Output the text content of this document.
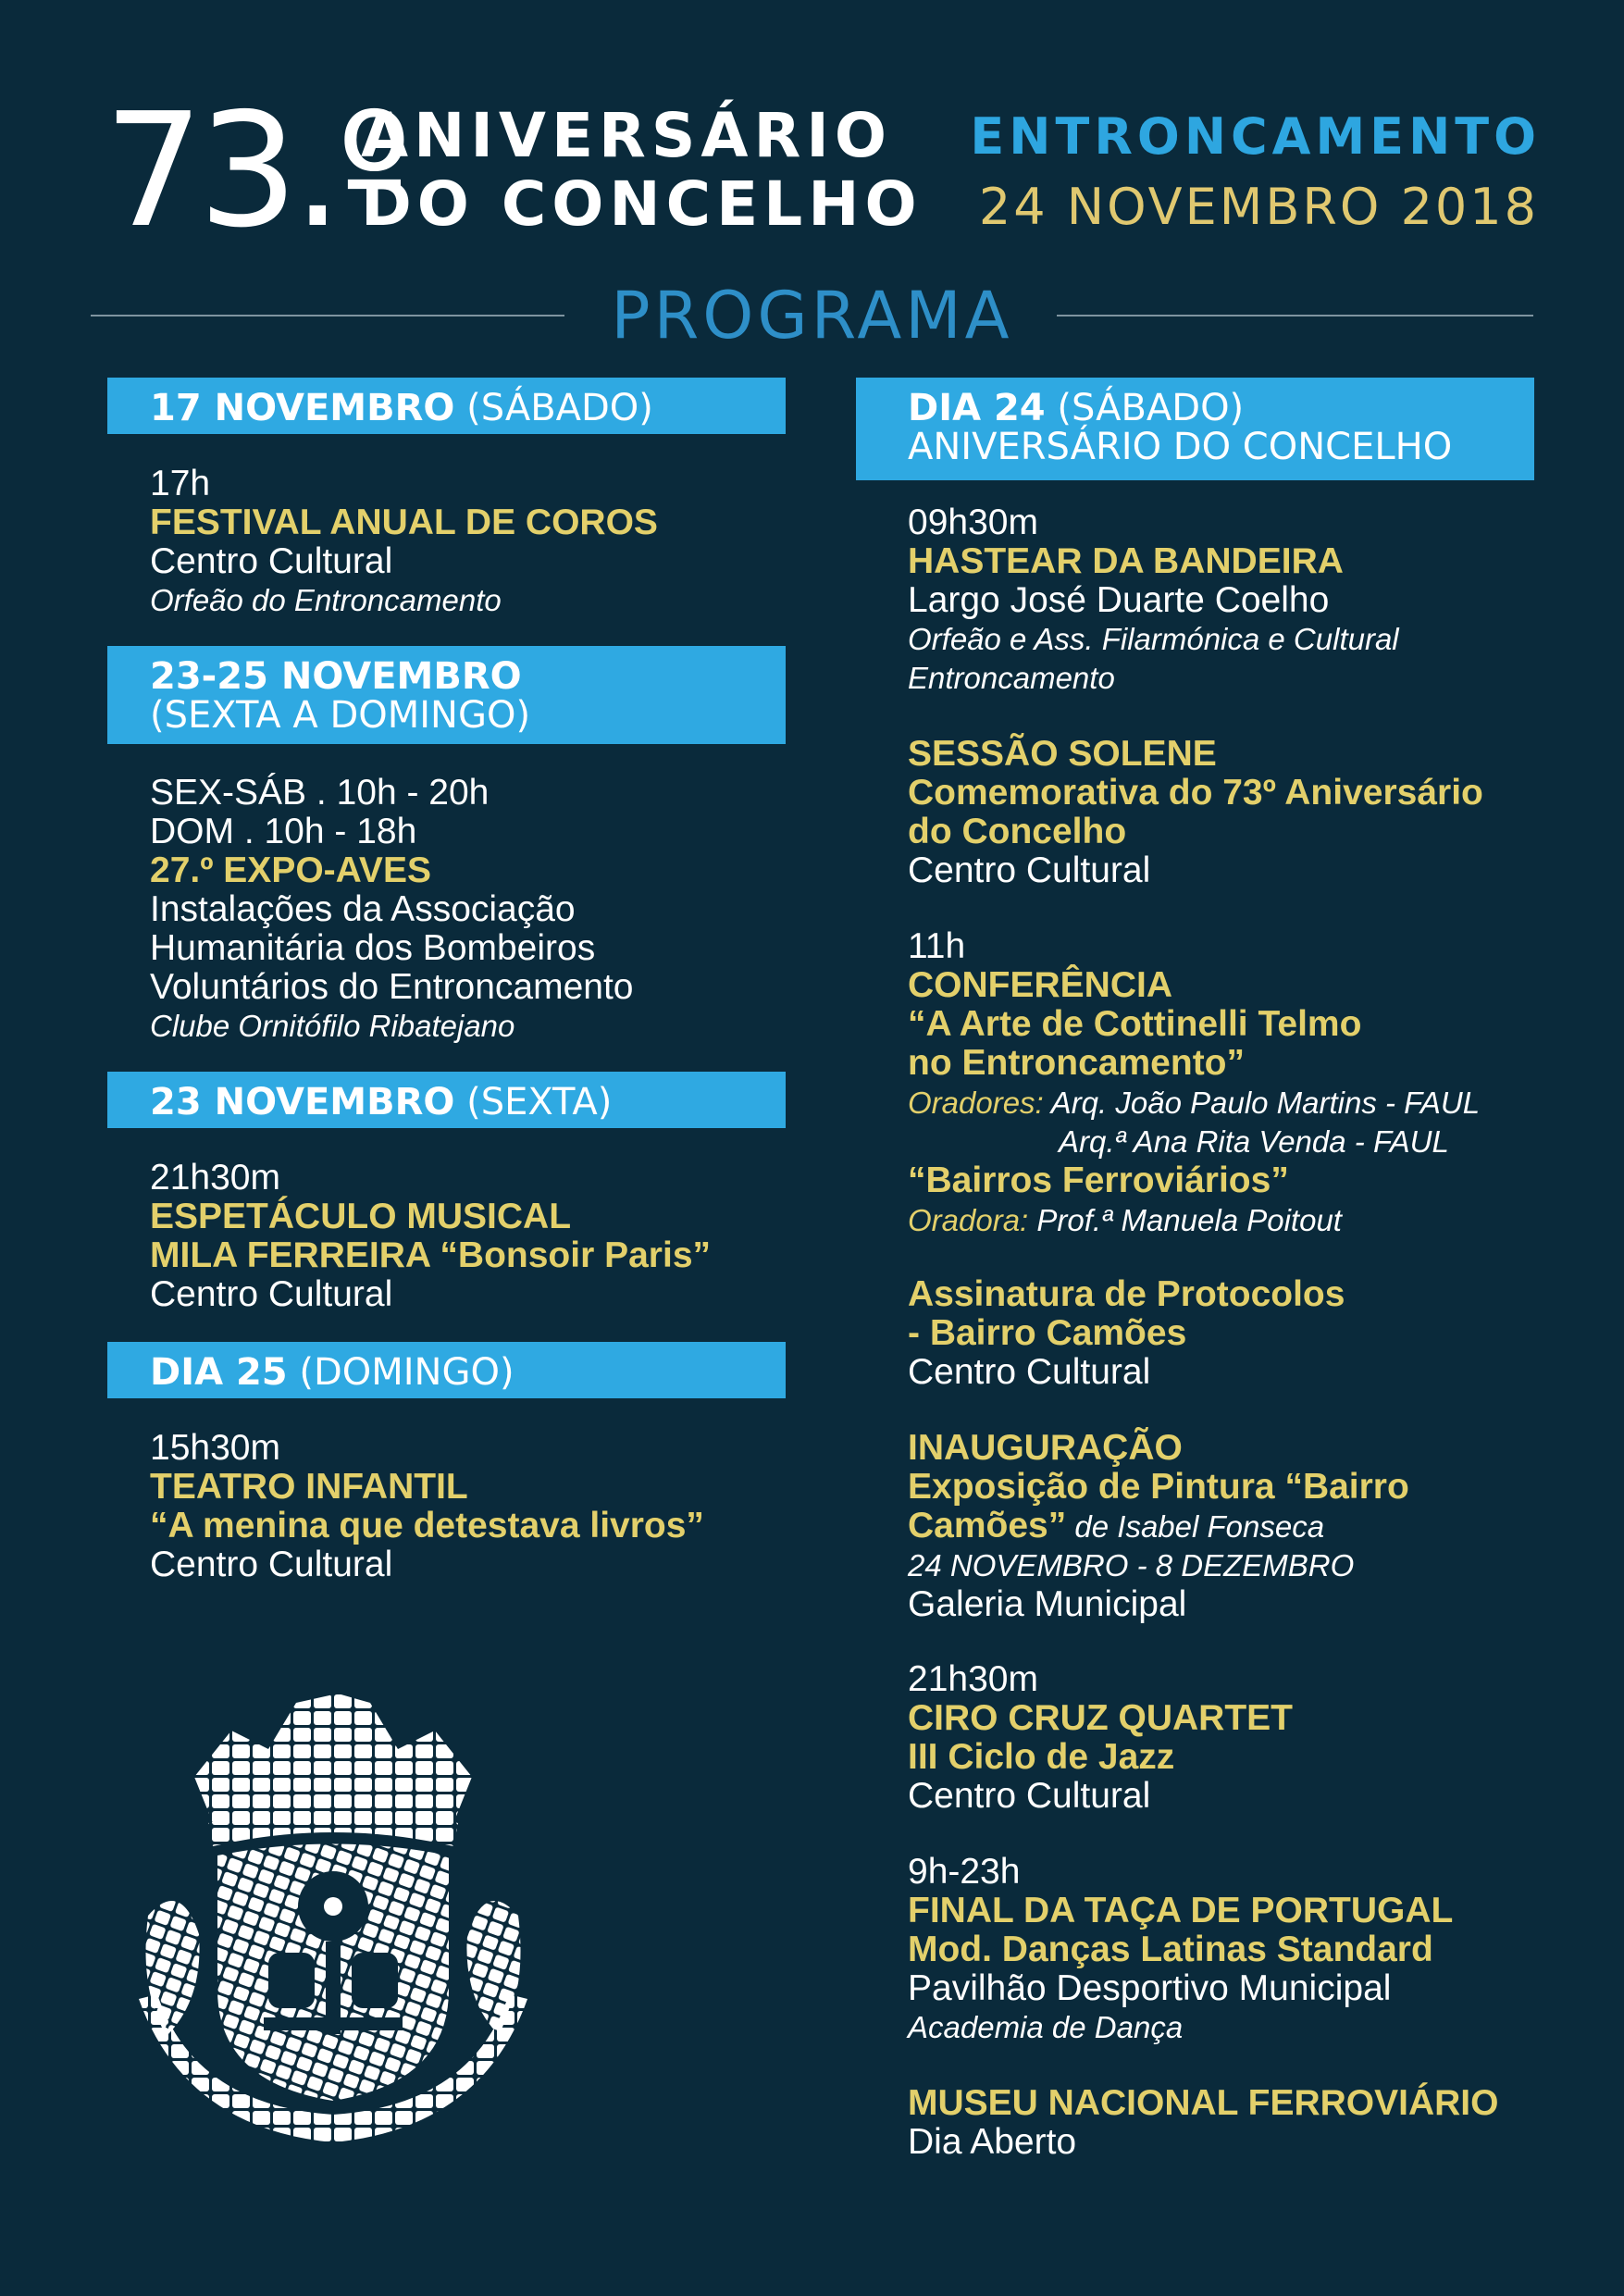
73.º
ANIVERSÁRIO
DO CONCELHO
ENTRONCAMENTO
24 NOVEMBRO 2018
PROGRAMA
17 NOVEMBRO (SÁBADO)
17h
FESTIVAL ANUAL DE COROS
Centro Cultural
Orfeão do Entroncamento
23-25 NOVEMBRO
(SEXTA A DOMINGO)
SEX-SÁB . 10h - 20h
DOM . 10h - 18h
27.º EXPO-AVES
Instalações da Associação
Humanitária dos Bombeiros
Voluntários do Entroncamento
Clube Ornitófilo Ribatejano
23 NOVEMBRO (SEXTA)
21h30m
ESPETÁCULO MUSICAL
MILA FERREIRA “Bonsoir Paris”
Centro Cultural
DIA 25 (DOMINGO)
15h30m
TEATRO INFANTIL
“A menina que detestava livros”
Centro Cultural
DIA 24 (SÁBADO)
ANIVERSÁRIO DO CONCELHO
09h30m
HASTEAR DA BANDEIRA
Largo José Duarte Coelho
Orfeão e Ass. Filarmónica e Cultural
Entroncamento
SESSÃO SOLENE
Comemorativa do 73º Aniversário
do Concelho
Centro Cultural
11h
CONFERÊNCIA
“A Arte de Cottinelli Telmo
no Entroncamento”
Oradores: Arq. João Paulo Martins - FAUL
Arq.ª Ana Rita Venda - FAUL
“Bairros Ferroviários”
Oradora: Prof.ª Manuela Poitout
Assinatura de Protocolos
- Bairro Camões
Centro Cultural
INAUGURAÇÃO
Exposição de Pintura “Bairro
Camões” de Isabel Fonseca
24 NOVEMBRO - 8 DEZEMBRO
Galeria Municipal
21h30m
CIRO CRUZ QUARTET
III Ciclo de Jazz
Centro Cultural
9h-23h
FINAL DA TAÇA DE PORTUGAL
Mod. Danças Latinas Standard
Pavilhão Desportivo Municipal
Academia de Dança
MUSEU NACIONAL FERROVIÁRIO
Dia Aberto
